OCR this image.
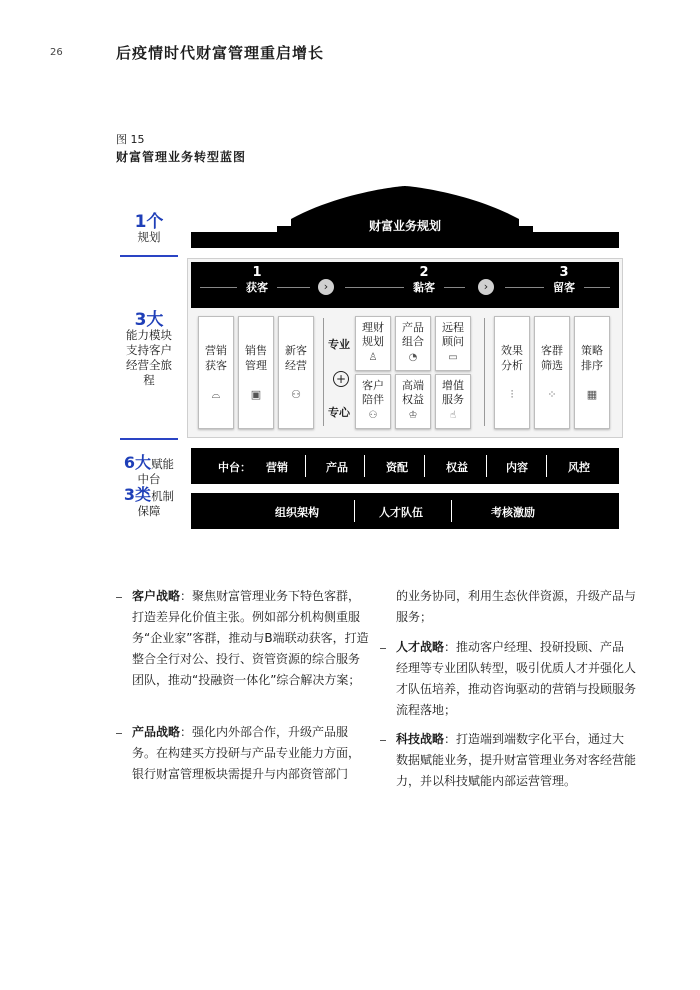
26	后疫情时代财富管理重启增长
图 15
财富管理业务转型蓝图
1个
规划
3大
能力模块
支持客户
经营全旅
程
6大赋能
中台
3类机制
保障
财富业务规划
›	›
1
获客
2
黏客
3
留客
营销
获客
⌓
销售
管理
▣
新客
经营
⚇
专业
+
专心
理财
规划
♙
产品
组合
◔
远程
顾问
▭
客户
陪伴
⚇
高端
权益
♔
增值
服务
☝
效果
分析
⫶
客群
筛选
⁘
策略
排序
▦
中台：	营销	产品	资配	权益	内容	风控
组织架构	人才队伍	考核激励
客户战略：聚焦财富管理业务下特色客群，打造差异化价值主张。例如部分机构侧重服务“企业家”客群，推动与B端联动获客，打造整合全行对公、投行、资管资源的综合服务团队，推动“投融资一体化”综合解决方案；
产品战略：强化内外部合作，升级产品服务。在构建买方投研与产品专业能力方面，银行财富管理板块需提升与内部资管部门
的业务协同，利用生态伙伴资源，升级产品与服务；
人才战略：推动客户经理、投研投顾、产品经理等专业团队转型，吸引优质人才并强化人才队伍培养，推动咨询驱动的营销与投顾服务流程落地；
科技战略：打造端到端数字化平台，通过大数据赋能业务，提升财富管理业务对客经营能力，并以科技赋能内部运营管理。
